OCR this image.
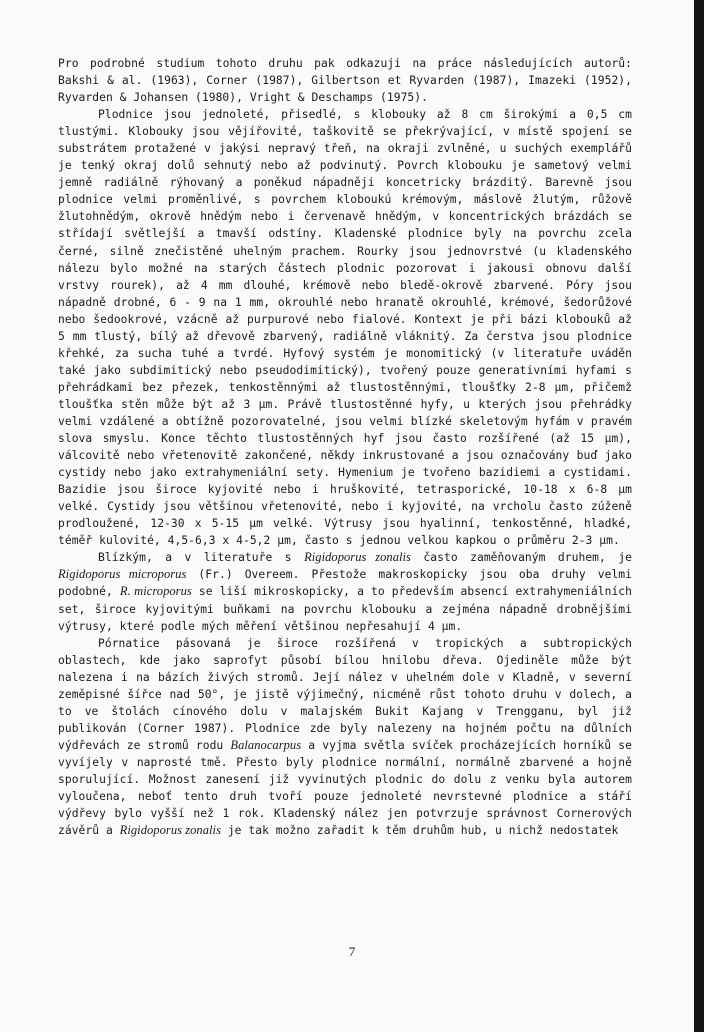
Pro podrobné studium tohoto druhu pak odkazuji na práce následujících autorů: Bakshi & al. (1963), Corner (1987), Gilbertson et Ryvarden (1987), Imazeki (1952), Ryvarden & Johansen (1980), Vright & Deschamps (1975).

Plodnice jsou jednoleté, přisedlé, s klobouky až 8 cm širokými a 0,5 cm tlustými. Klobouky jsou vějířovité, taškovitě se překrývající, v místě spojení se substrátem protažené v jakýsi nepravý třeň, na okraji zvlněné, u suchých exemplářů je tenký okraj dolů sehnutý nebo až podvinutý. Povrch klobouku je sametový velmi jemně radiálně rýhovaný a poněkud nápadněji koncetricky brázditý. Barevně jsou plodnice velmi proměnlivé, s povrchem kloboukú krémovým, máslově žlutým, růžově žlutohnědým, okrově hnědým nebo i červenavě hnědým, v koncentrických brázdách se střídají světlejší a tmavší odstíny. Kladenské plodnice byly na povrchu zcela černé, silně znečistěné uhelným prachem. Rourky jsou jednovrstvé (u kladenského nálezu bylo možné na starých částech plodnic pozorovat i jakousi obnovu další vrstvy rourek), až 4 mm dlouhé, krémově nebo bledě-okrově zbarvené. Póry jsou nápadně drobné, 6 - 9 na 1 mm, okrouhlé nebo hranatě okrouhlé, krémové, šedorůžové nebo šedookrové, vzácně až purpurové nebo fialové. Kontext je při bázi klobouků až 5 mm tlustý, bílý až dřevově zbarvený, radiálně vláknitý. Za čerstva jsou plodnice křehké, za sucha tuhé a tvrdé. Hyfový systém je monomitický (v literatuře uváděn také jako subdimitický nebo pseudodimitický), tvořený pouze generativními hyfami s přehrádkami bez přezek, tenkostěnnými až tlustostěnnými, tloušťky 2-8 μm, přičemž tloušťka stěn může být až 3 μm. Právě tlustostěnné hyfy, u kterých jsou přehrádky velmi vzdálené a obtížně pozorovatelné, jsou velmi blízké skeletovým hyfám v pravém slova smyslu. Konce těchto tlustostěnných hyf jsou často rozšířené (až 15 μm), válcovitě nebo vřetenovitě zakončené, někdy inkrustované a jsou označovány buď jako cystidy nebo jako extrahymeniální sety. Hymenium je tvořeno bazidiemi a cystidami. Bazidie jsou široce kyjovité nebo i hruškovité, tetrasporické, 10-18 x 6-8 μm velké. Cystidy jsou většinou vřetenovité, nebo i kyjovité, na vrcholu často zúženě prodloužené, 12-30 x 5-15 μm velké. Výtrusy jsou hyalinní, tenkostěnné, hladké, téměř kulovité, 4,5-6,3 x 4-5,2 μm, často s jednou velkou kapkou o průměru 2-3 μm.

Blízkým, a v literatuře s Rigidoporus zonalis často zaměňovaným druhem, je Rigidoporus microporus (Fr.) Overeem. Přestože makroskopicky jsou oba druhy velmi podobné, R. microporus se liší mikroskopicky, a to především absencí extrahymeniálních set, široce kyjovitými buňkami na povrchu klobouku a zejména nápadně drobnějšími výtrusy, které podle mých měření většinou nepřesahují 4 μm.

Pórnatice pásovaná je široce rozšířená v tropických a subtropických oblastech, kde jako saprofyt působí bílou hnilobu dřeva. Ojediněle může být nalezena i na bázích živých stromů. Její nález v uhelném dole v Kladně, v severní zeměpisné šířce nad 50°, je jistě výjimečný, nicméně růst tohoto druhu v dolech, a to ve štolách cínového dolu v malajském Bukit Kajang v Trengganu, byl již publikován (Corner 1987). Plodnice zde byly nalezeny na hojném počtu na důlních výdřevách ze stromů rodu Balanocarpus a vyjma světla svíček procházejících horníků se vyvíjely v naprosté tmě. Přesto byly plodnice normální, normálně zbarvené a hojně sporulující. Možnost zanesení již vyvinutých plodnic do dolu z venku byla autorem vyloučena, neboť tento druh tvoří pouze jednoleté nevrstevné plodnice a stáří výdřevy bylo vyšší než 1 rok. Kladenský nález jen potvrzuje správnost Cornerových závěrů a Rigidoporus zonalis je tak možno zařadit k těm druhům hub, u nichž nedostatek

7
